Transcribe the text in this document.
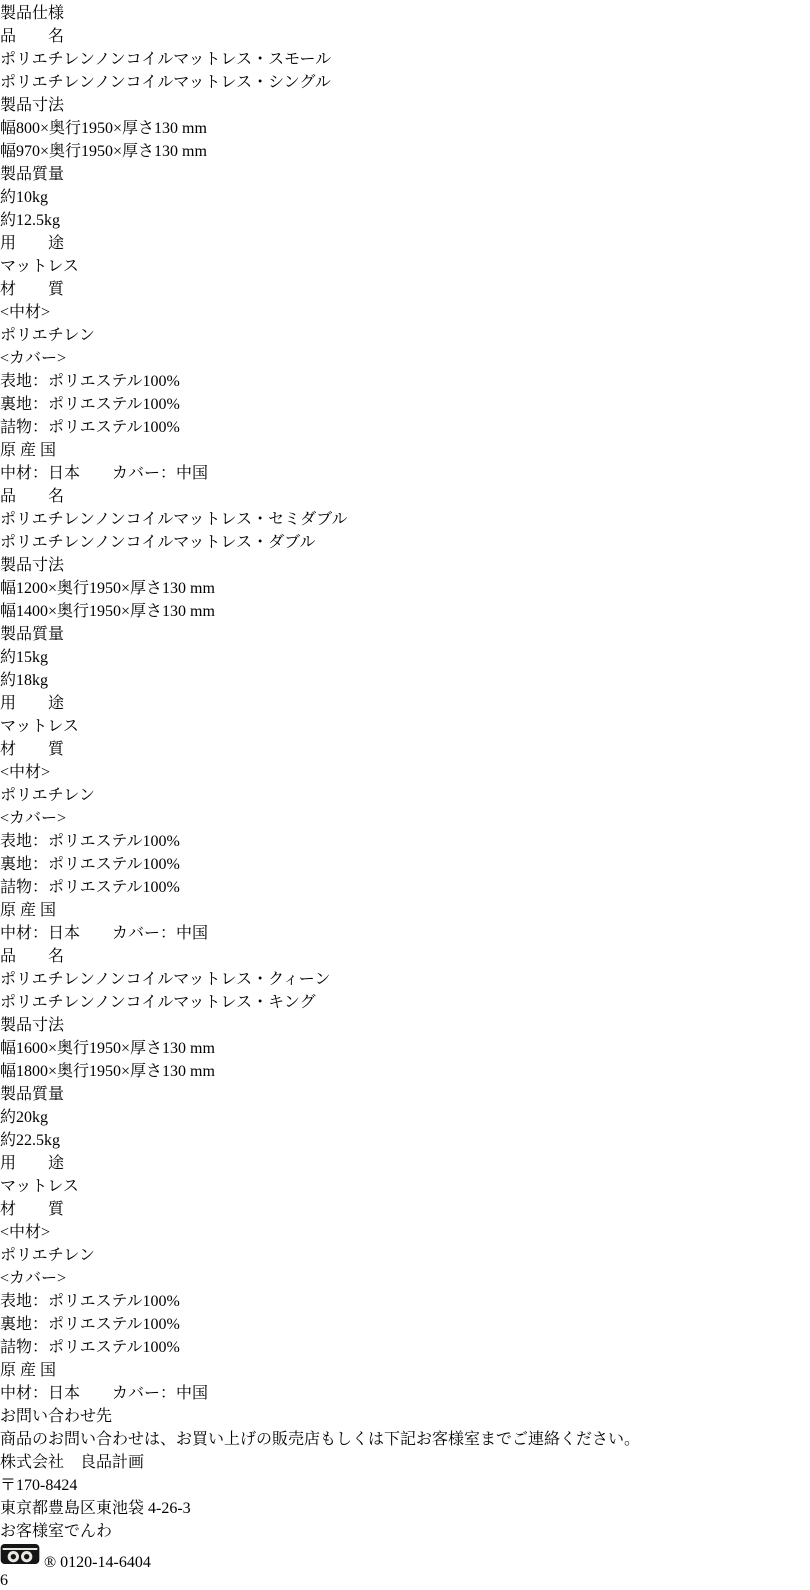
製品仕様
品　　名
ポリエチレンノンコイルマットレス・スモール
ポリエチレンノンコイルマットレス・シングル
製品寸法
幅800×奥行1950×厚さ130 mm
幅970×奥行1950×厚さ130 mm
製品質量
約10kg
約12.5kg
用　　途
マットレス
材　　質
<中材>
ポリエチレン
<カバー>
表地：ポリエステル100%
裏地：ポリエステル100%
詰物：ポリエステル100%
原 産 国
中材：日本　　カバー：中国
品　　名
ポリエチレンノンコイルマットレス・セミダブル
ポリエチレンノンコイルマットレス・ダブル
製品寸法
幅1200×奥行1950×厚さ130 mm
幅1400×奥行1950×厚さ130 mm
製品質量
約15kg
約18kg
用　　途
マットレス
材　　質
<中材>
ポリエチレン
<カバー>
表地：ポリエステル100%
裏地：ポリエステル100%
詰物：ポリエステル100%
原 産 国
中材：日本　　カバー：中国
品　　名
ポリエチレンノンコイルマットレス・クィーン
ポリエチレンノンコイルマットレス・キング
製品寸法
幅1600×奥行1950×厚さ130 mm
幅1800×奥行1950×厚さ130 mm
製品質量
約20kg
約22.5kg
用　　途
マットレス
材　　質
<中材>
ポリエチレン
<カバー>
表地：ポリエステル100%
裏地：ポリエステル100%
詰物：ポリエステル100%
原 産 国
中材：日本　　カバー：中国
お問い合わせ先
商品のお問い合わせは、お買い上げの販売店もしくは下記お客様室までご連絡ください。
株式会社　良品計画
〒170-8424
東京都豊島区東池袋 4-26-3
お客様室でんわ
® 0120-14-6404
6
